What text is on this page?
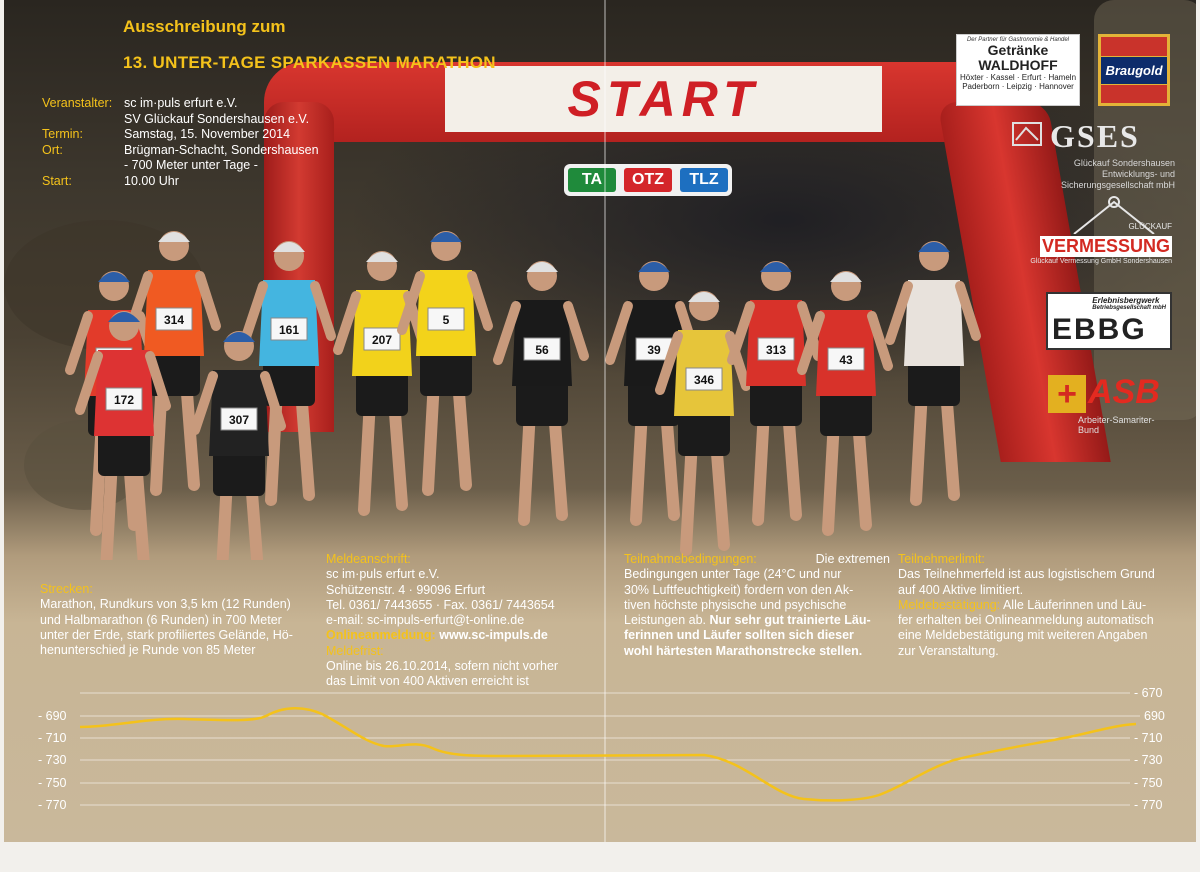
START
TA	OTZ	TLZ
314
172
161
307
207
5
56	39
346
313
43
Ausschreibung zum
13. UNTER-TAGE SPARKASSEN MARATHON
Veranstalter: sc im·puls erfurt e.V.
SV Glückauf Sondershausen e.V.
Termin:	Samstag, 15. November 2014
Ort:	Brügman-Schacht, Sondershausen
- 700 Meter unter Tage -
Start:	10.00 Uhr
Der Partner für Gastronomie & Handel
Getränke WALDHOFF
Höxter · Kassel · Erfurt · Hameln
Paderborn · Leipzig · Hannover
Braugold
GSES
Glückauf Sondershausen
Entwicklungs- und Sicherungsgesellschaft mbH
GLÜCKAUF
VERMESSUNG
Glückauf Vermessung GmbH Sondershausen
Erlebnisbergwerk
Betriebsgesellschaft mbH
EBBG
+ ASB
Arbeiter-Samariter-Bund
Strecken:
Marathon, Rundkurs von 3,5 km (12 Runden)
und Halbmarathon (6 Runden) in 700 Meter
unter der Erde, stark profiliertes Gelände, Hö-
henunterschied je Runde von 85 Meter
Meldeanschrift:
sc im·puls erfurt e.V.
Schützenstr. 4 · 99096 Erfurt
Tel. 0361/ 7443655 · Fax. 0361/ 7443654
e-mail: sc-impuls-erfurt@t-online.de
Onlineanmeldung: www.sc-impuls.de
Meldefrist:
Online bis 26.10.2014, sofern nicht vorher
das Limit von 400 Aktiven erreicht ist
Teilnahmebedingungen:	Die extremen
Bedingungen unter Tage (24°C und nur
30% Luftfeuchtigkeit) fordern von den Ak-
tiven höchste physische und psychische
Leistungen ab. Nur sehr gut trainierte Läu-
ferinnen und Läufer sollten sich dieser
wohl härtesten Marathonstrecke stellen.
Teilnehmerlimit:
Das Teilnehmerfeld ist aus logistischem Grund
auf 400 Aktive limitiert.
Meldebestätigung: Alle Läuferinnen und Läu-
fer erhalten bei Onlineanmeldung automatisch
eine Meldebestätigung mit weiteren Angaben
zur Veranstaltung.
- 690
- 710
- 730
- 750
- 770
- 670
690
- 710
- 730
- 750
- 770
